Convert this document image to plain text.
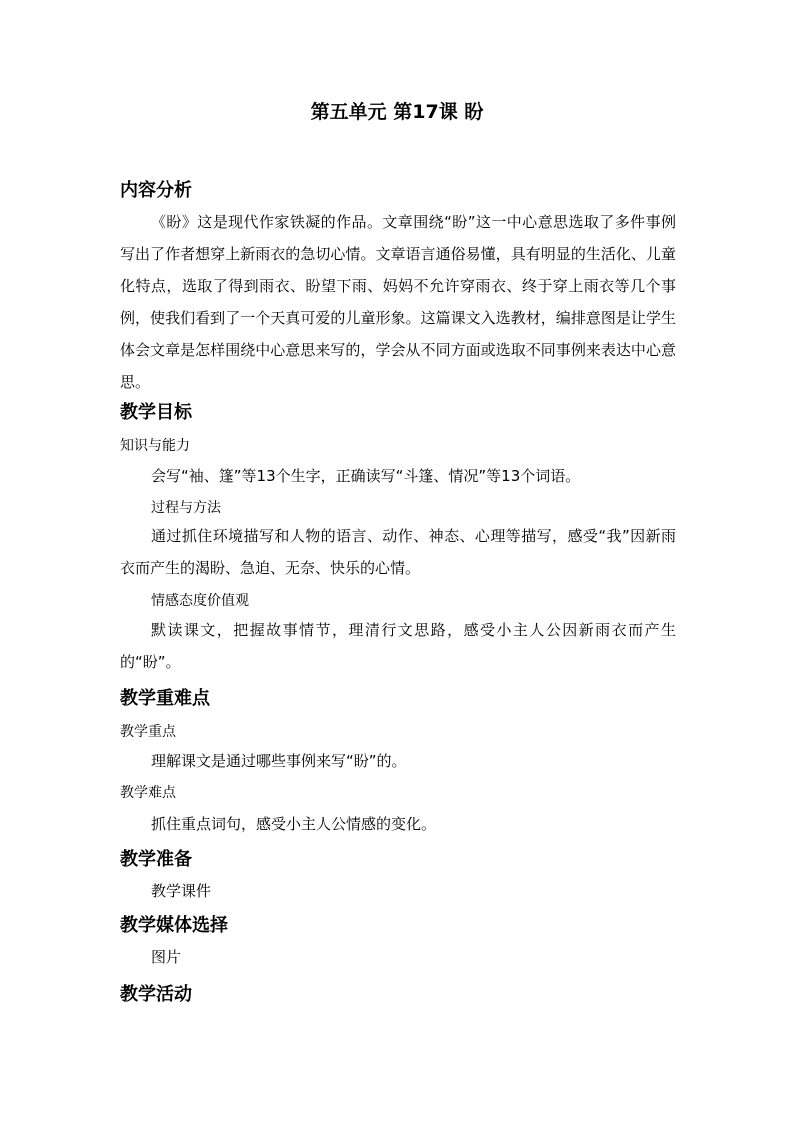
第五单元 第17课 盼
内容分析
《盼》这是现代作家铁凝的作品。文章围绕“盼”这一中心意思选取了多件事例写出了作者想穿上新雨衣的急切心情。文章语言通俗易懂，具有明显的生活化、儿童化特点，选取了得到雨衣、盼望下雨、妈妈不允许穿雨衣、终于穿上雨衣等几个事例，使我们看到了一个天真可爱的儿童形象。这篇课文入选教材，编排意图是让学生体会文章是怎样围绕中心意思来写的，学会从不同方面或选取不同事例来表达中心意思。
教学目标
知识与能力
会写“袖、篷”等13个生字，正确读写“斗篷、情况”等13个词语。
过程与方法
通过抓住环境描写和人物的语言、动作、神态、心理等描写，感受“我”因新雨衣而产生的渴盼、急迫、无奈、快乐的心情。
情感态度价值观
默读课文，把握故事情节，理清行文思路，感受小主人公因新雨衣而产生的“盼”。
教学重难点
教学重点
理解课文是通过哪些事例来写“盼”的。
教学难点
抓住重点词句，感受小主人公情感的变化。
教学准备
教学课件
教学媒体选择
图片
教学活动
